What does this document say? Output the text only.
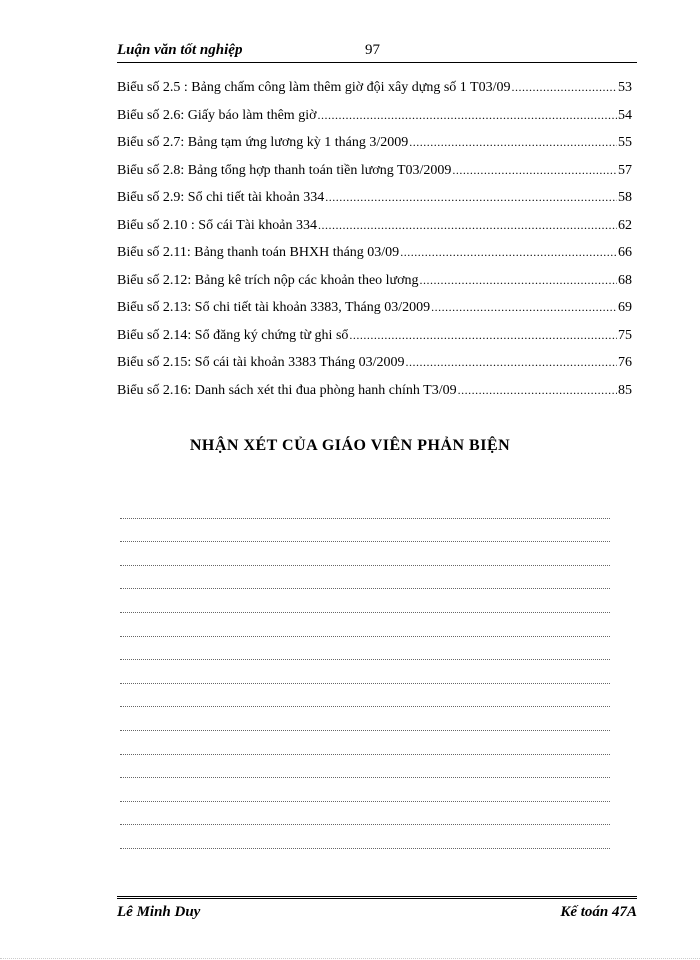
Luận văn tốt nghiệp	97
Biểu số 2.5 : Bảng chấm công làm thêm giờ đội xây dựng số 1 T03/09 .....	53
Biểu số 2.6: Giấy báo làm thêm giờ .....	54
Biểu số 2.7: Bảng tạm ứng lương kỳ 1 tháng 3/2009 .....	55
Biểu số 2.8: Bảng tổng hợp thanh toán tiền lương T03/2009 .....	57
Biểu số 2.9: Sổ chi tiết tài khoản 334 .....	58
Biểu số 2.10 : Sổ cái Tài khoản 334 .....	62
Biểu số 2.11: Bảng thanh toán BHXH tháng 03/09 .....	66
Biểu số 2.12: Bảng kê trích nộp các khoản theo lương .....	68
Biểu số 2.13: Sổ chi tiết tài khoản 3383, Tháng 03/2009 .....	69
Biểu số 2.14: Sổ đăng ký chứng từ ghi sổ .....	75
Biểu số 2.15: Sổ cái tài khoản 3383 Tháng 03/2009 .....	76
Biểu số 2.16: Danh sách xét thi đua phòng hanh chính T3/09 .....	85
NHẬN XÉT CỦA GIÁO VIÊN PHẢN BIỆN
Lê Minh Duy	Kế toán 47A
